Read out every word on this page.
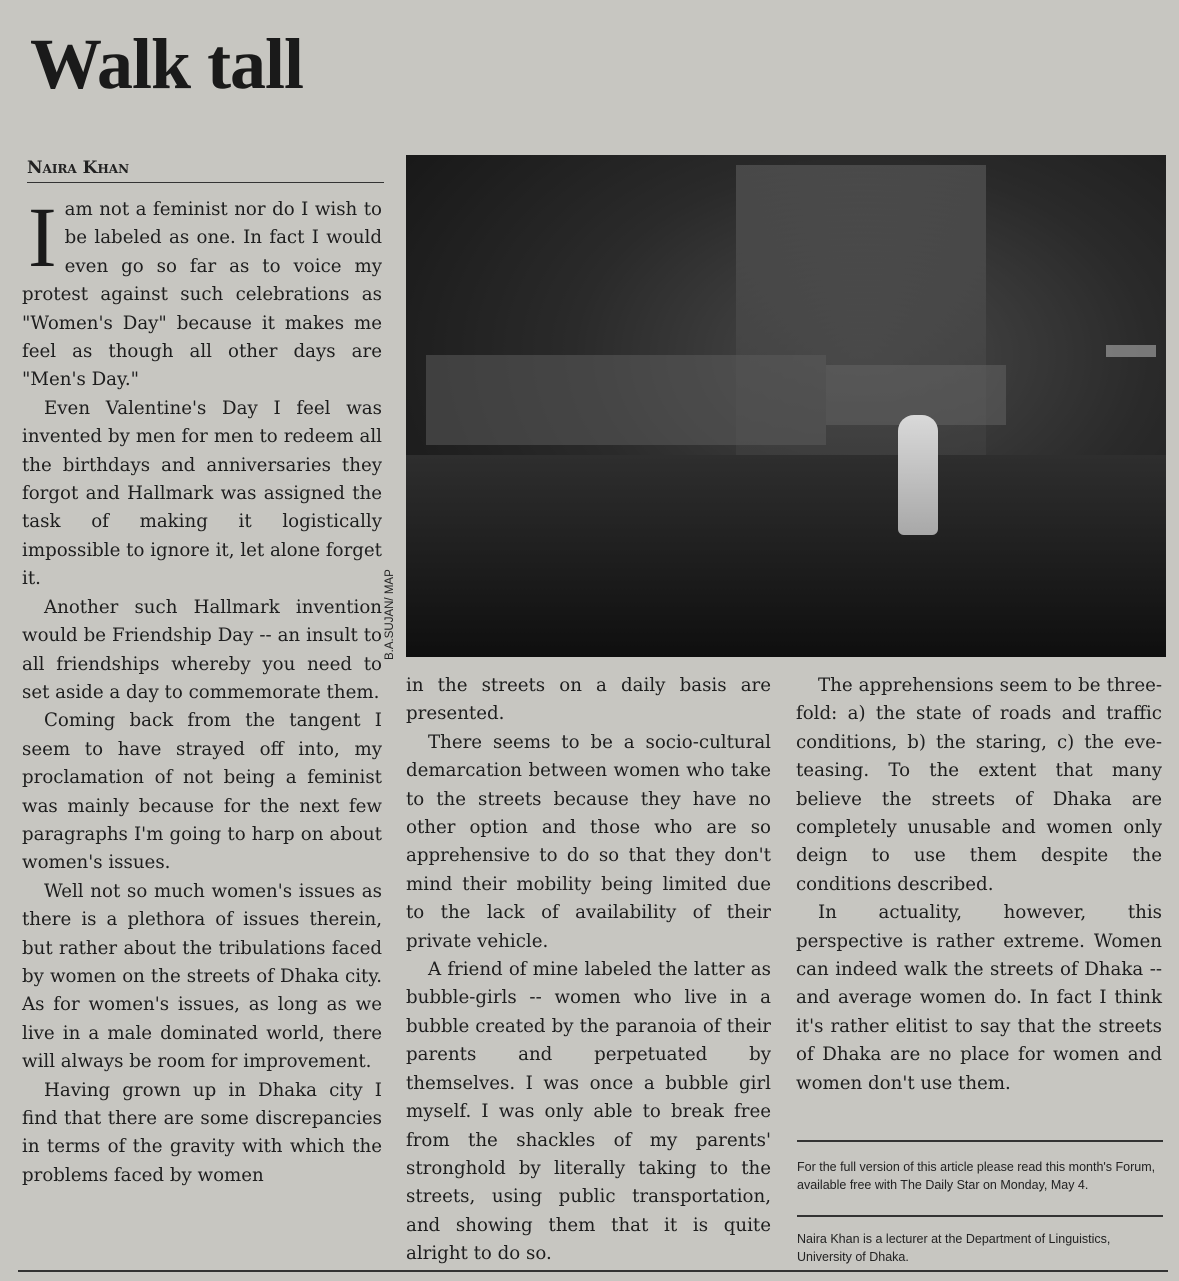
Walk tall
Naira Khan

Iam not a feminist nor do I wish to be labeled as one. In fact I would even go so far as to voice my protest against such celebrations as "Women's Day" because it makes me feel as though all other days are "Men's Day."

Even Valentine's Day I feel was invented by men for men to redeem all the birthdays and anniversaries they forgot and Hallmark was assigned the task of making it logistically impossible to ignore it, let alone forget it.

Another such Hallmark invention would be Friendship Day -- an insult to all friendships whereby you need to set aside a day to commemorate them.

Coming back from the tangent I seem to have strayed off into, my proclamation of not being a feminist was mainly because for the next few paragraphs I'm going to harp on about women's issues.

Well not so much women's issues as there is a plethora of issues therein, but rather about the tribulations faced by women on the streets of Dhaka city. As for women's issues, as long as we live in a male dominated world, there will always be room for improvement.

Having grown up in Dhaka city I find that there are some discrepancies in terms of the gravity with which the problems faced by women

B.A.SUJAN/ MAP

in the streets on a daily basis are presented.

There seems to be a socio-cultural demarcation between women who take to the streets because they have no other option and those who are so apprehensive to do so that they don't mind their mobility being limited due to the lack of availability of their private vehicle.

A friend of mine labeled the latter as bubble-girls -- women who live in a bubble created by the paranoia of their parents and perpetuated by themselves. I was once a bubble girl myself. I was only able to break free from the shackles of my parents' stronghold by literally taking to the streets, using public transportation, and showing them that it is quite alright to do so.

The apprehensions seem to be three-fold: a) the state of roads and traffic conditions, b) the staring, c) the eve-teasing. To the extent that many believe the streets of Dhaka are completely unusable and women only deign to use them despite the conditions described.

In actuality, however, this perspective is rather extreme. Women can indeed walk the streets of Dhaka -- and average women do. In fact I think it's rather elitist to say that the streets of Dhaka are no place for women and women don't use them.

For the full version of this article please read this month's Forum, available free with The Daily Star on Monday, May 4.
Naira Khan is a lecturer at the Department of Linguistics, University of Dhaka.
